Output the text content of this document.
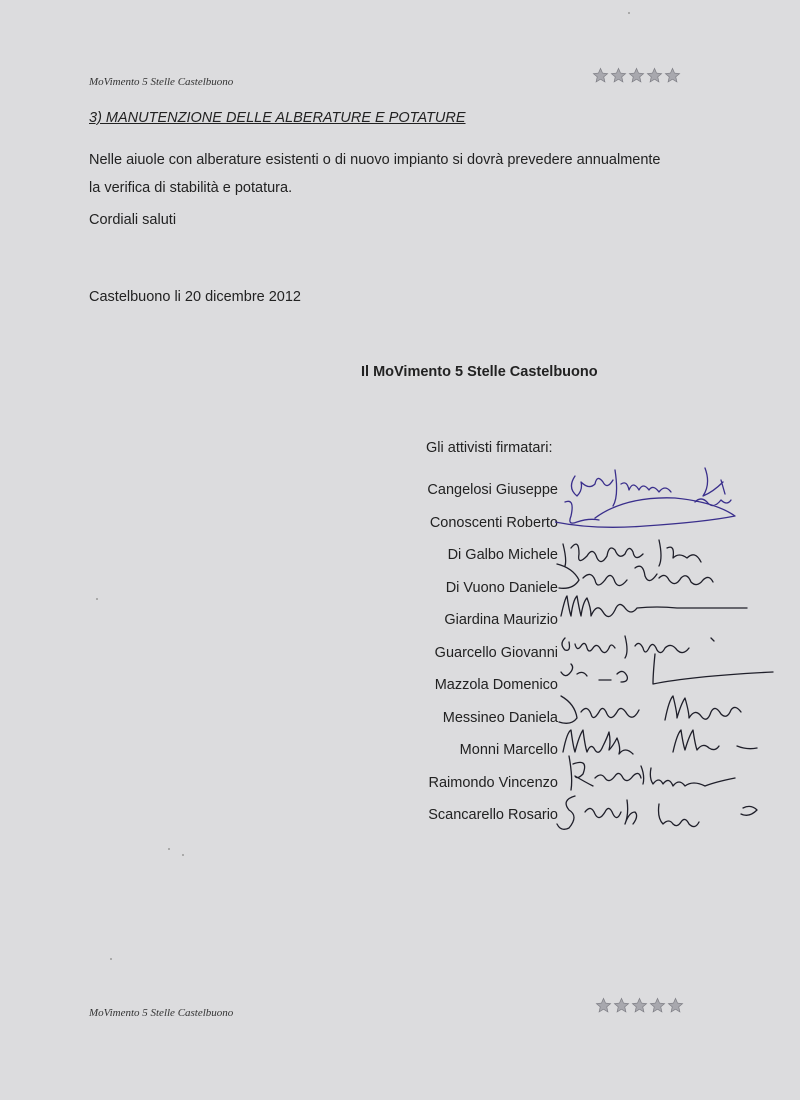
MoVimento 5 Stelle Castelbuono
3) MANUTENZIONE DELLE ALBERATURE E POTATURE
Nelle aiuole con alberature esistenti o di nuovo impianto si dovrà prevedere annualmente
la verifica di stabilità e potatura.
Cordiali saluti
Castelbuono li 20 dicembre 2012
Il MoVimento 5 Stelle Castelbuono
Gli attivisti firmatari:
Cangelosi Giuseppe
Conoscenti Roberto
Di Galbo Michele
Di Vuono Daniele
Giardina Maurizio
Guarcello Giovanni
Mazzola Domenico
Messineo Daniela
Monni Marcello
Raimondo Vincenzo
Scancarello Rosario
MoVimento 5 Stelle Castelbuono
